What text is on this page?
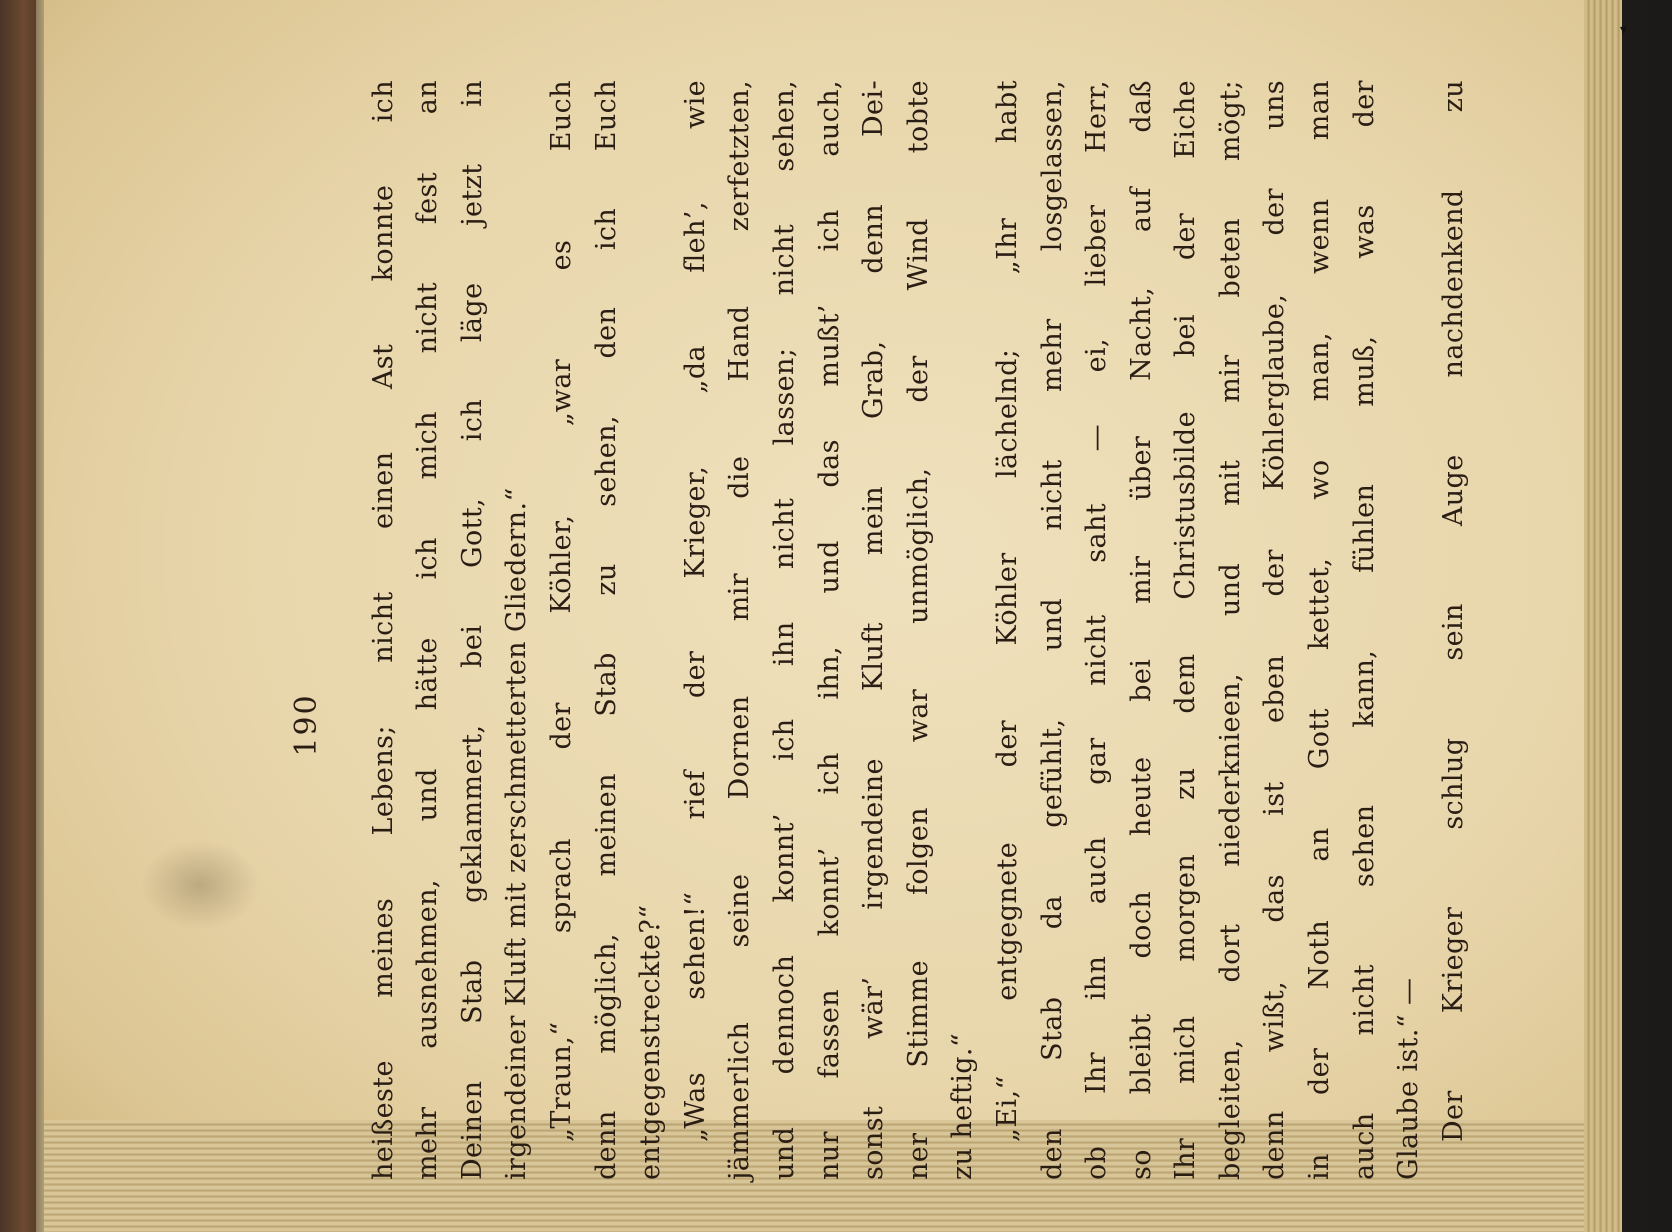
▾
190 heißeste meines Lebens; nicht einen Ast konnte ich mehr ausnehmen, und hätte ich mich nicht fest an Deinen Stab geklammert, bei Gott, ich läge jetzt in irgendeiner Kluft mit zerschmetterten Gliedern.“ „Traun,“ sprach der Köhler, „war es Euch denn möglich, meinen Stab zu sehen, den ich Euch entgegenstreckte?“ „Was sehen!“ rief der Krieger, „da fleh’, wie jämmerlich seine Dornen mir die Hand zerfetzten, und dennoch konnt’ ich ihn nicht lassen; nicht sehen, nur fassen konnt’ ich ihn, und das mußt’ ich auch, sonst wär’ irgendeine Kluft mein Grab, denn Dei- ner Stimme folgen war unmöglich, der Wind tobte zu heftig.“ „Ei,“ entgegnete der Köhler lächelnd; „Ihr habt den Stab da gefühlt, und nicht mehr losgelassen, ob Ihr ihn auch gar nicht saht — ei, lieber Herr, so bleibt doch heute bei mir über Nacht, auf daß Ihr mich morgen zu dem Christusbilde bei der Eiche begleiten, dort niederknieen, und mit mir beten mögt; denn wißt, das ist eben der Köhlerglaube, der uns in der Noth an Gott kettet, wo man, wenn man auch nicht sehen kann, fühlen muß, was der Glaube ist.“ — Der Krieger schlug sein Auge nachdenkend zu
